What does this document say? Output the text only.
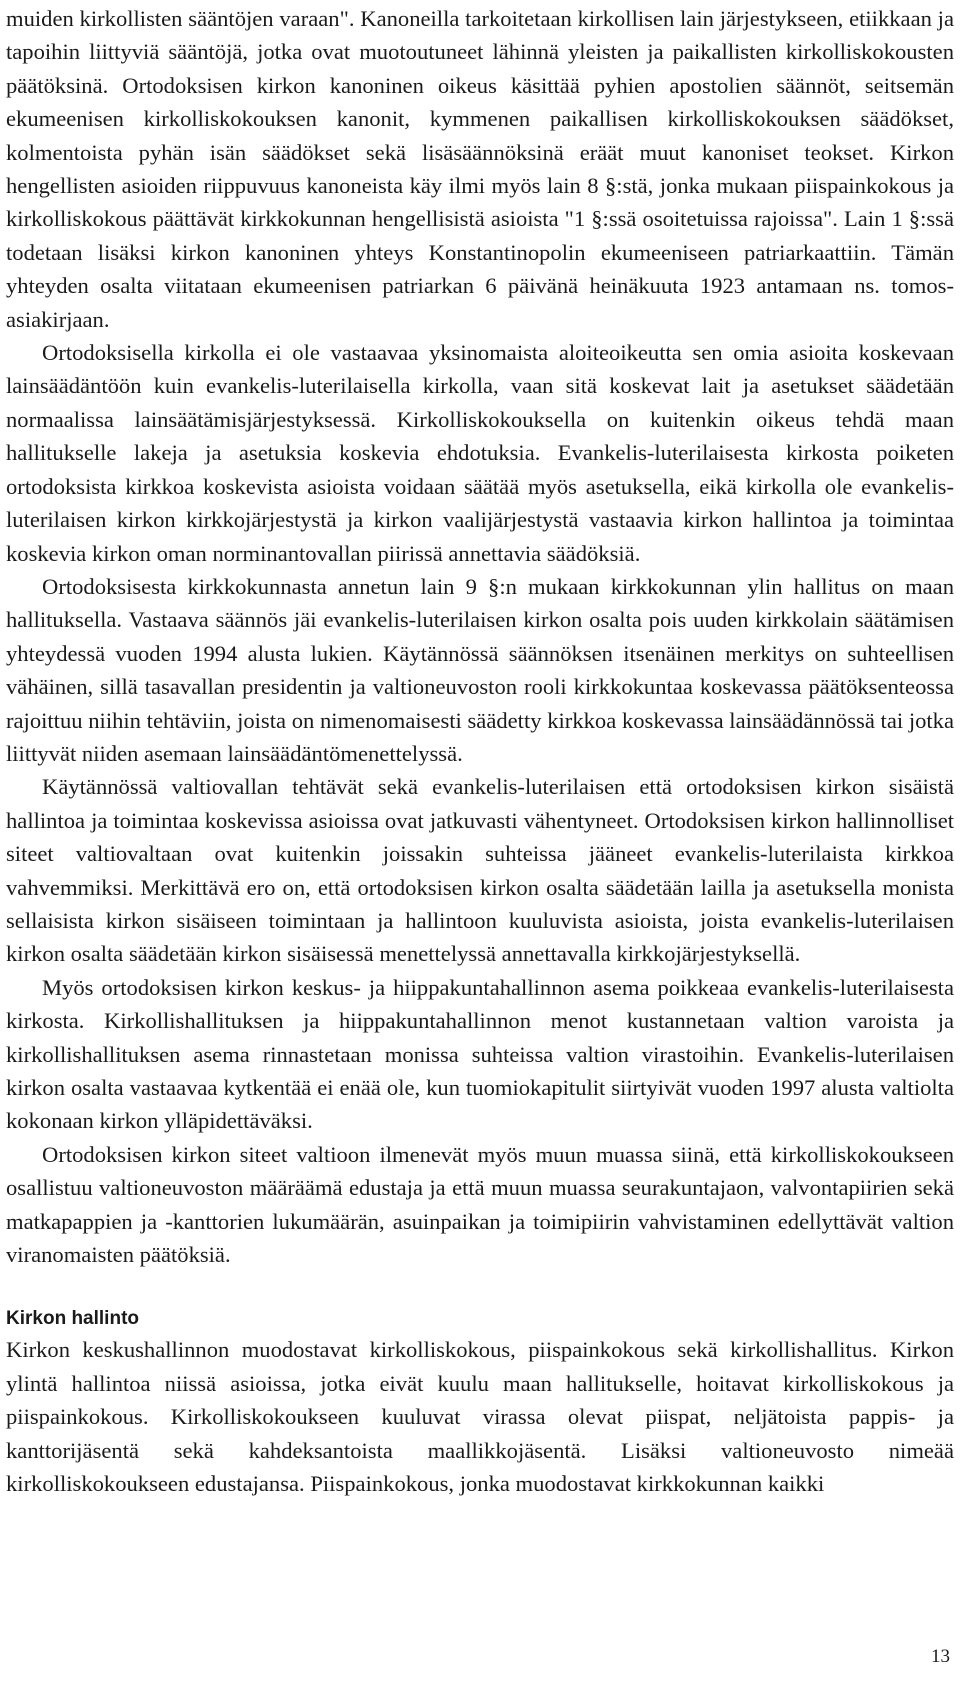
muiden kirkollisten sääntöjen varaan". Kanoneilla tarkoitetaan kirkollisen lain järjestykseen, etiikkaan ja tapoihin liittyviä sääntöjä, jotka ovat muotoutuneet lähinnä yleisten ja paikallisten kirkolliskokousten päätöksinä. Ortodoksisen kirkon kanoninen oikeus käsittää pyhien apostolien säännöt, seitsemän ekumeenisen kirkolliskokouksen kanonit, kymmenen paikallisen kirkolliskokouksen säädökset, kolmentoista pyhän isän säädökset sekä lisäsäännöksinä eräät muut kanoniset teokset. Kirkon hengellisten asioiden riippuvuus kanoneista käy ilmi myös lain 8 §:stä, jonka mukaan piispainkokous ja kirkolliskokous päättävät kirkkokunnan hengellisistä asioista "1 §:ssä osoitetuissa rajoissa". Lain 1 §:ssä todetaan lisäksi kirkon kanoninen yhteys Konstantinopolin ekumeeniseen patriarkaattiin. Tämän yhteyden osalta viitataan ekumeenisen patriarkan 6 päivänä heinäkuuta 1923 antamaan ns. tomos-asiakirjaan.

Ortodoksisella kirkolla ei ole vastaavaa yksinomaista aloiteoikeutta sen omia asioita koskevaan lainsäädäntöön kuin evankelis-luterilaisella kirkolla, vaan sitä koskevat lait ja asetukset säädetään normaalissa lainsäätämisjärjestyksessä. Kirkolliskokouksella on kuitenkin oikeus tehdä maan hallitukselle lakeja ja asetuksia koskevia ehdotuksia. Evankelis-luterilaisesta kirkosta poiketen ortodoksista kirkkoa koskevista asioista voidaan säätää myös asetuksella, eikä kirkolla ole evankelis-luterilaisen kirkon kirkkojärjestystä ja kirkon vaalijärjestystä vastaavia kirkon hallintoa ja toimintaa koskevia kirkon oman norminantovallan piirissä annettavia säädöksiä.

Ortodoksisesta kirkkokunnasta annetun lain 9 §:n mukaan kirkkokunnan ylin hallitus on maan hallituksella. Vastaava säännös jäi evankelis-luterilaisen kirkon osalta pois uuden kirkkolain säätämisen yhteydessä vuoden 1994 alusta lukien. Käytännössä säännöksen itsenäinen merkitys on suhteellisen vähäinen, sillä tasavallan presidentin ja valtioneuvoston rooli kirkkokuntaa koskevassa päätöksenteossa rajoittuu niihin tehtäviin, joista on nimenomaisesti säädetty kirkkoa koskevassa lainsäädännössä tai jotka liittyvät niiden asemaan lainsäädäntömenettelyssä.

Käytännössä valtiovallan tehtävät sekä evankelis-luterilaisen että ortodoksisen kirkon sisäistä hallintoa ja toimintaa koskevissa asioissa ovat jatkuvasti vähentyneet. Ortodoksisen kirkon hallinnolliset siteet valtiovaltaan ovat kuitenkin joissakin suhteissa jääneet evankelis-luterilaista kirkkoa vahvemmiksi. Merkittävä ero on, että ortodoksisen kirkon osalta säädetään laillа ja asetuksella monista sellaisista kirkon sisäiseen toimintaan ja hallintoon kuuluvista asioista, joista evankelis-luterilaisen kirkon osalta säädetään kirkon sisäisessä menettelyssä annettavalla kirkkojärjestyksellä.

Myös ortodoksisen kirkon keskus- ja hiippakuntahallinnon asema poikkeaa evankelis-luterilaisesta kirkosta. Kirkollishallituksen ja hiippakuntahallinnon menot kustannetaan valtion varoista ja kirkollishallituksen asema rinnastetaan monissa suhteissa valtion virastoihin. Evankelis-luterilaisen kirkon osalta vastaavaa kytkentää ei enää ole, kun tuomiokapitulit siirtyivät vuoden 1997 alusta valtiolta kokonaan kirkon ylläpidettäväksi.

Ortodoksisen kirkon siteet valtioon ilmenevät myös muun muassa siinä, että kirkolliskokoukseen osallistuu valtioneuvoston määräämä edustaja ja että muun muassa seurakuntajaon, valvontapiirien sekä matkapappien ja -kanttorien lukumäärän, asuinpaikan ja toimipiirin vahvistaminen edellyttävät valtion viranomaisten päätöksiä.

Kirkon hallinto

Kirkon keskushallinnon muodostavat kirkolliskokous, piispainkokous sekä kirkollishallitus. Kirkon ylintä hallintoa niissä asioissa, jotka eivät kuulu maan hallitukselle, hoitavat kirkolliskokous ja piispainkokous. Kirkolliskokoukseen kuuluvat virassa olevat piispat, neljätoista pappis- ja kanttorijäsentä sekä kahdeksantoista maallikkojäsentä. Lisäksi valtioneuvosto nimeää kirkolliskokoukseen edustajansa. Piispainkokous, jonka muodostavat kirkkokunnan kaikki

13
